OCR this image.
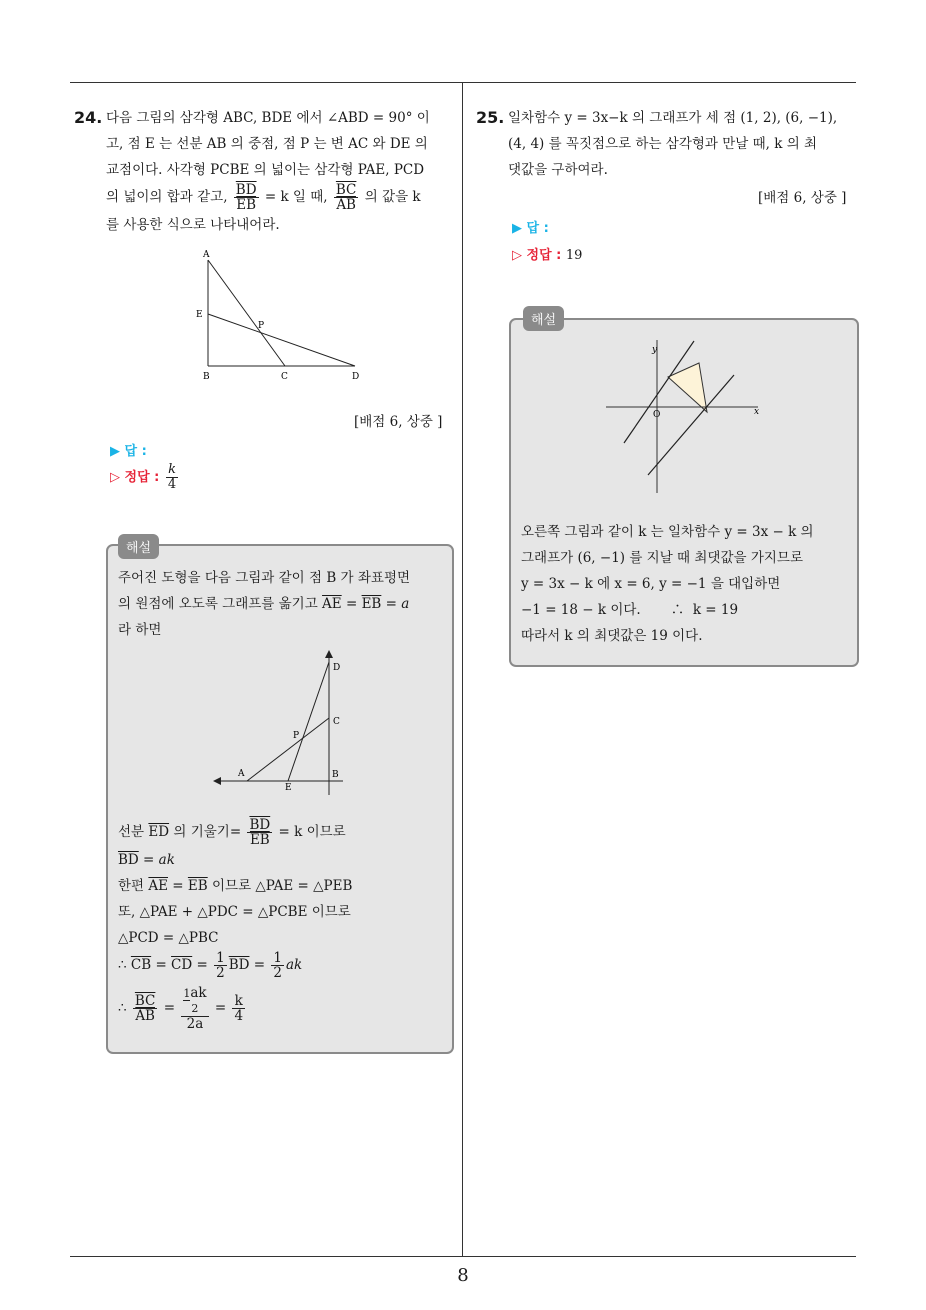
8
24. 다음 그림의 삼각형 ABC, BDE 에서 ∠ABD = 90° 이
고, 점 E 는 선분 AB 의 중점, 점 P 는 변 AC 와 DE 의
교점이다. 사각형 PCBE 의 넓이는 삼각형 PAE, PCD
의 넓이의 합과 같고, $\frac{\overline{BD}}{EB} = k$ 일 때, $\frac{\overline{BC}}{AB}$ 의 값을 k
를 사용한 식으로 나타내어라.
A
E
P
B	C	D
[배점 6, 상중 ]
▶ 답 :
▷ 정답 : $\frac{k}{4}$
해설
주어진 도형을 다음 그림과 같이 점 B 가 좌표평면
의 원점에 오도록 그래프를 옮기고 $\overline{AE} = \overline{EB} = a$
라 하면
D
C
P
A	B
E
선분 $\overline{ED}$ 의 기울기= $\frac{\overline{BD}}{EB} = k$ 이므로
$\overline{BD}$ = ak
한편 $\overline{AE} = \overline{EB}$ 이므로 △PAE = △PEB
또, △PAE + △PDC = △PCBE 이므로
△PCD = △PBC
∴ $\overline{CB} = \overline{CD} = \frac{1}{2} \overline{BD} = \frac{1}{2}$ ak
∴ $\frac{\overline{BC}}{AB}$ =
1ak
2
2a
= $\frac{k}{4}$
25. 일차함수 y = 3x−k 의 그래프가 세 점 (1, 2), (6, −1),
(4, 4) 를 꼭짓점으로 하는 삼각형과 만날 때, k 의 최
댓값을 구하여라.
[배점 6, 상중 ]
▶ 답 :
▷ 정답 : 19
해설
y
O	x
오른쪽 그림과 같이 k 는 일차함수 y = 3x − k 의
그래프가 (6, −1) 를 지날 때 최댓값을 가지므로
y = 3x − k 에 x = 6, y = −1 을 대입하면
−1 = 18 − k 이다.       ∴  k = 19
따라서 k 의 최댓값은 19 이다.
